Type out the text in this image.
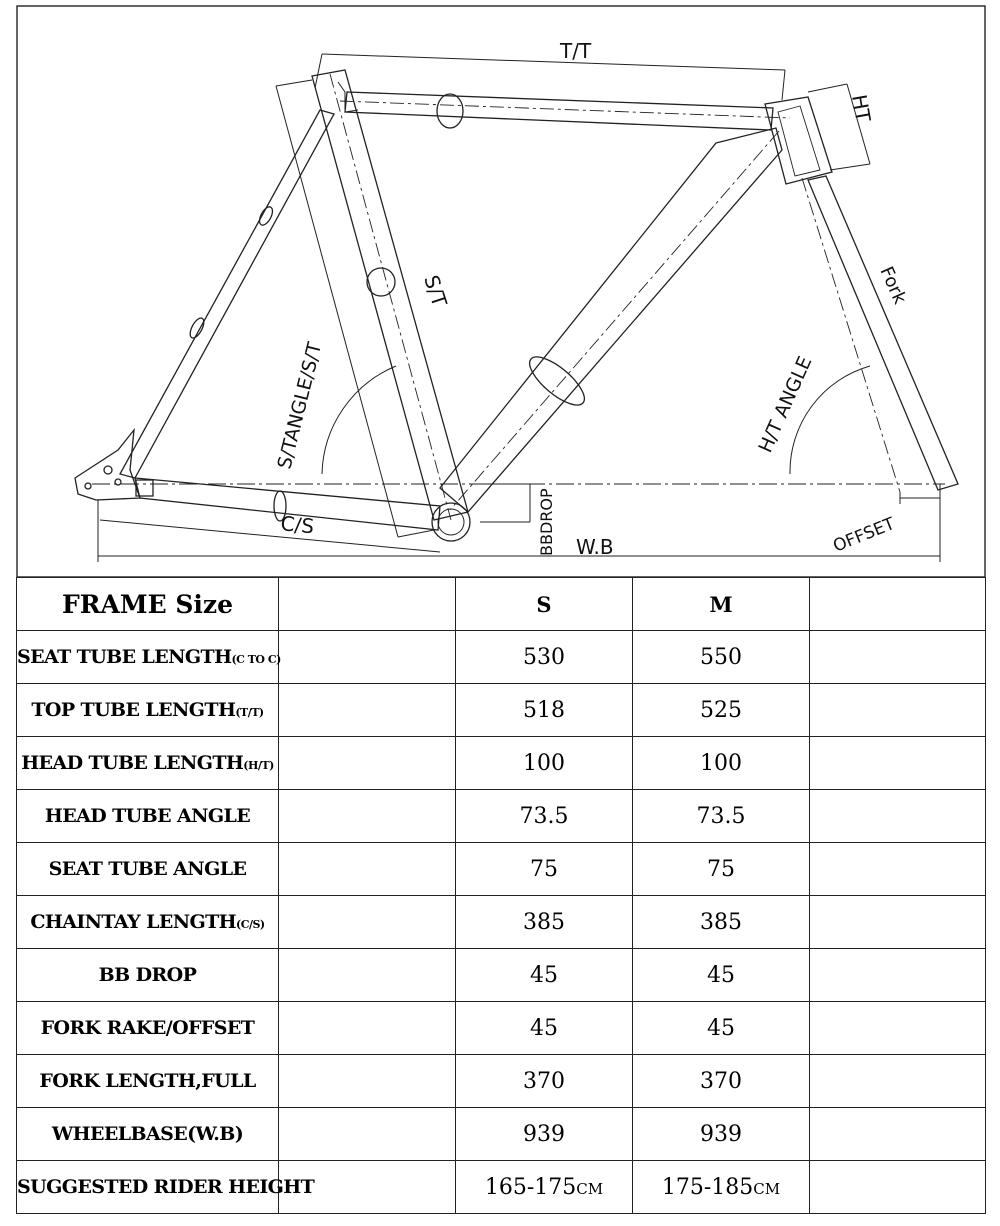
T/T
HT
S/T
S/TANGLE/S/T
Fork
H/T ANGLE
C/S	BBDROP W.B	OFFSET
FRAME Size		S	M	
SEAT TUBE LENGTH(C TO C)		530	550	
TOP TUBE LENGTH(T/T)		518	525	
HEAD TUBE LENGTH(H/T)		100	100	
HEAD TUBE ANGLE		73.5	73.5	
SEAT TUBE ANGLE		75	75	
CHAINTAY LENGTH(C/S)		385	385	
BB DROP		45	45	
FORK RAKE/OFFSET		45	45	
FORK LENGTH,FULL		370	370	
WHEELBASE(W.B)		939	939	
SUGGESTED RIDER HEIGHT		165-175CM	175-185CM	
